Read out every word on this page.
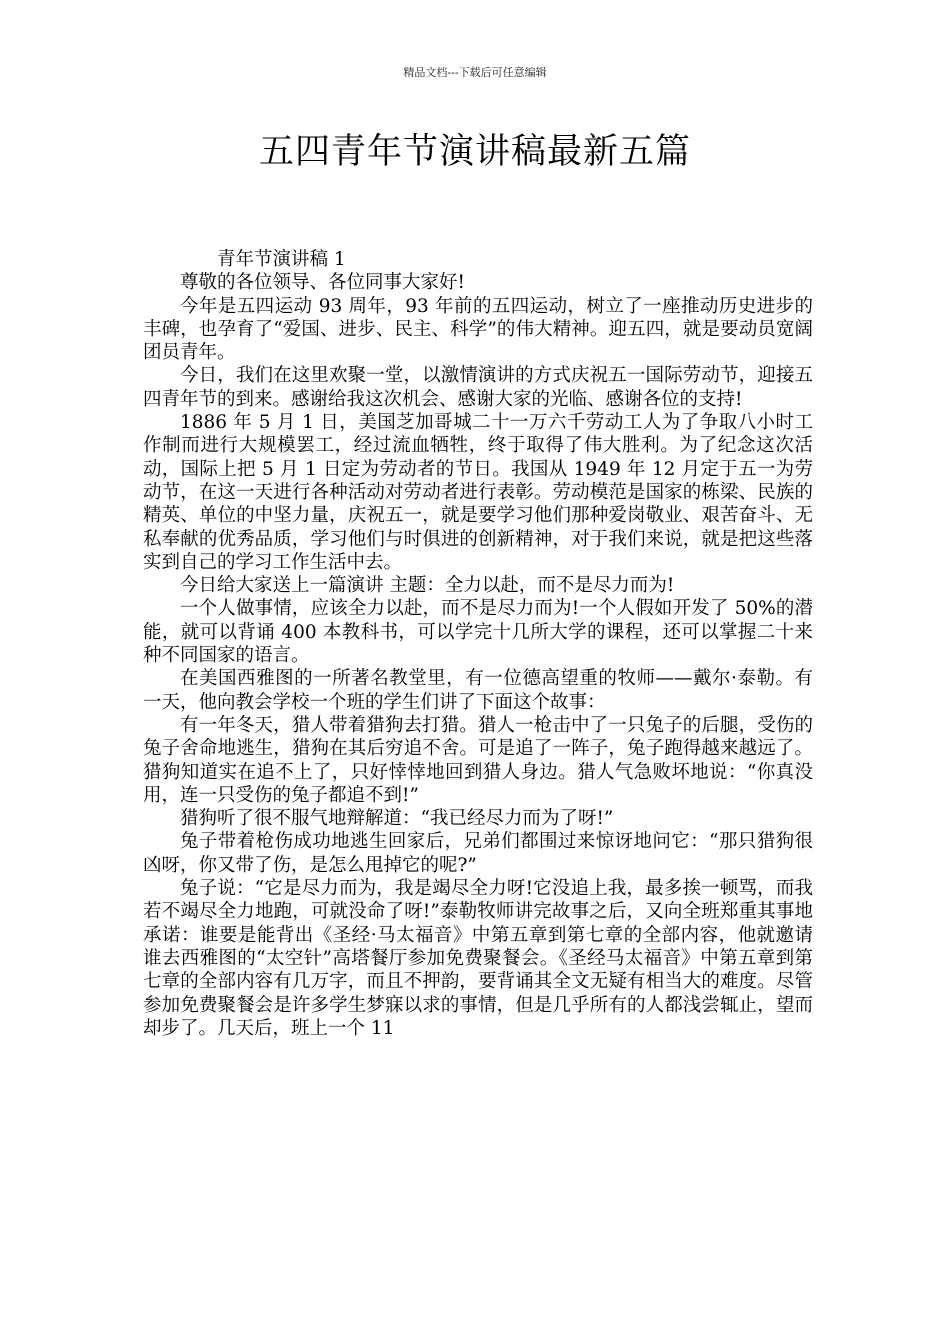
精品文档---下载后可任意编辑
五四青年节演讲稿最新五篇

青年节演讲稿 1

尊敬的各位领导、各位同事大家好!

今年是五四运动 93 周年，93 年前的五四运动，树立了一座推动历史进步的丰碑，也孕育了“爱国、进步、民主、科学”的伟大精神。迎五四，就是要动员宽阔团员青年。

今日，我们在这里欢聚一堂，以激情演讲的方式庆祝五一国际劳动节，迎接五四青年节的到来。感谢给我这次机会、感谢大家的光临、感谢各位的支持!

1886 年 5 月 1 日，美国芝加哥城二十一万六千劳动工人为了争取八小时工作制而进行大规模罢工，经过流血牺牲，终于取得了伟大胜利。为了纪念这次活动，国际上把 5 月 1 日定为劳动者的节日。我国从 1949 年 12 月定于五一为劳动节，在这一天进行各种活动对劳动者进行表彰。劳动模范是国家的栋梁、民族的精英、单位的中坚力量，庆祝五一，就是要学习他们那种爱岗敬业、艰苦奋斗、无私奉献的优秀品质，学习他们与时俱进的创新精神，对于我们来说，就是把这些落实到自己的学习工作生活中去。

今日给大家送上一篇演讲 主题：全力以赴，而不是尽力而为!

一个人做事情，应该全力以赴，而不是尽力而为!一个人假如开发了 50%的潜能，就可以背诵 400 本教科书，可以学完十几所大学的课程，还可以掌握二十来种不同国家的语言。

在美国西雅图的一所著名教堂里，有一位德高望重的牧师——戴尔·泰勒。有一天，他向教会学校一个班的学生们讲了下面这个故事：

有一年冬天，猎人带着猎狗去打猎。猎人一枪击中了一只兔子的后腿，受伤的兔子舍命地逃生，猎狗在其后穷追不舍。可是追了一阵子，兔子跑得越来越远了。猎狗知道实在追不上了，只好悻悻地回到猎人身边。猎人气急败坏地说：“你真没用，连一只受伤的兔子都追不到!”

猎狗听了很不服气地辩解道：“我已经尽力而为了呀!”

兔子带着枪伤成功地逃生回家后，兄弟们都围过来惊讶地问它：“那只猎狗很凶呀，你又带了伤，是怎么甩掉它的呢?”

兔子说：“它是尽力而为，我是竭尽全力呀!它没追上我，最多挨一顿骂，而我若不竭尽全力地跑，可就没命了呀!”泰勒牧师讲完故事之后，又向全班郑重其事地承诺：谁要是能背出《圣经·马太福音》中第五章到第七章的全部内容，他就邀请谁去西雅图的“太空针”高塔餐厅参加免费聚餐会。《圣经马太福音》中第五章到第七章的全部内容有几万字，而且不押韵，要背诵其全文无疑有相当大的难度。尽管参加免费聚餐会是许多学生梦寐以求的事情，但是几乎所有的人都浅尝辄止，望而却步了。几天后，班上一个 11
